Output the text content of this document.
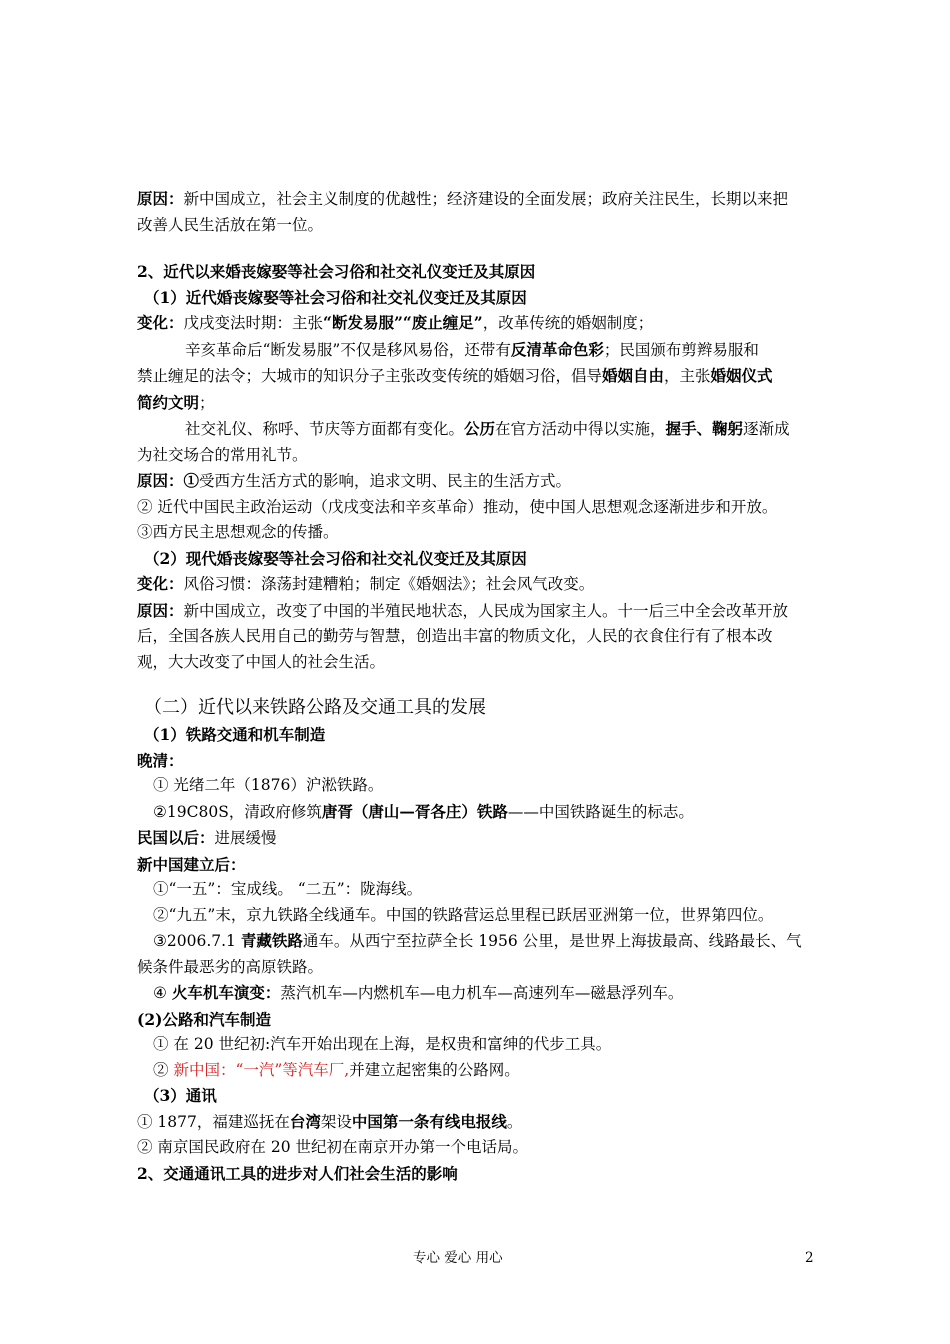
原因：新中国成立，社会主义制度的优越性；经济建设的全面发展；政府关注民生，长期以来把
改善人民生活放在第一位。
2、近代以来婚丧嫁娶等社会习俗和社交礼仪变迁及其原因
（1）近代婚丧嫁娶等社会习俗和社交礼仪变迁及其原因
变化：戊戌变法时期：主张“断发易服”“废止缠足”，改革传统的婚姻制度；
辛亥革命后“断发易服”不仅是移风易俗，还带有反清革命色彩；民国颁布剪辫易服和
禁止缠足的法令；大城市的知识分子主张改变传统的婚姻习俗，倡导婚姻自由，主张婚姻仪式
简约文明；
社交礼仪、称呼、节庆等方面都有变化。公历在官方活动中得以实施，握手、鞠躬逐渐成
为社交场合的常用礼节。
原因：①受西方生活方式的影响，追求文明、民主的生活方式。
② 近代中国民主政治运动（戊戌变法和辛亥革命）推动，使中国人思想观念逐渐进步和开放。
③西方民主思想观念的传播。
（2）现代婚丧嫁娶等社会习俗和社交礼仪变迁及其原因
变化：风俗习惯：涤荡封建糟粕；制定《婚姻法》；社会风气改变。
原因：新中国成立，改变了中国的半殖民地状态，人民成为国家主人。十一后三中全会改革开放
后，全国各族人民用自己的勤劳与智慧，创造出丰富的物质文化，人民的衣食住行有了根本改
观，大大改变了中国人的社会生活。
（二）近代以来铁路公路及交通工具的发展
（1）铁路交通和机车制造
晚清：
① 光绪二年（1876）沪淞铁路。
②19C80S，清政府修筑唐胥（唐山—胥各庄）铁路——中国铁路诞生的标志。
民国以后：进展缓慢
新中国建立后：
①“一五”：宝成线。 “二五”：陇海线。
②“九五”末，京九铁路全线通车。中国的铁路营运总里程已跃居亚洲第一位，世界第四位。
③2006.7.1 青藏铁路通车。从西宁至拉萨全长 1956 公里，是世界上海拔最高、线路最长、气
候条件最恶劣的高原铁路。
④ 火车机车演变：蒸汽机车—内燃机车—电力机车—高速列车—磁悬浮列车。
(2)公路和汽车制造
① 在 20 世纪初:汽车开始出现在上海，是权贵和富绅的代步工具。
② 新中国：“一汽”等汽车厂,并建立起密集的公路网。
（3）通讯
① 1877，福建巡抚在台湾架设中国第一条有线电报线。
② 南京国民政府在 20 世纪初在南京开办第一个电话局。
2、交通通讯工具的进步对人们社会生活的影响
专心 爱心 用心	2
